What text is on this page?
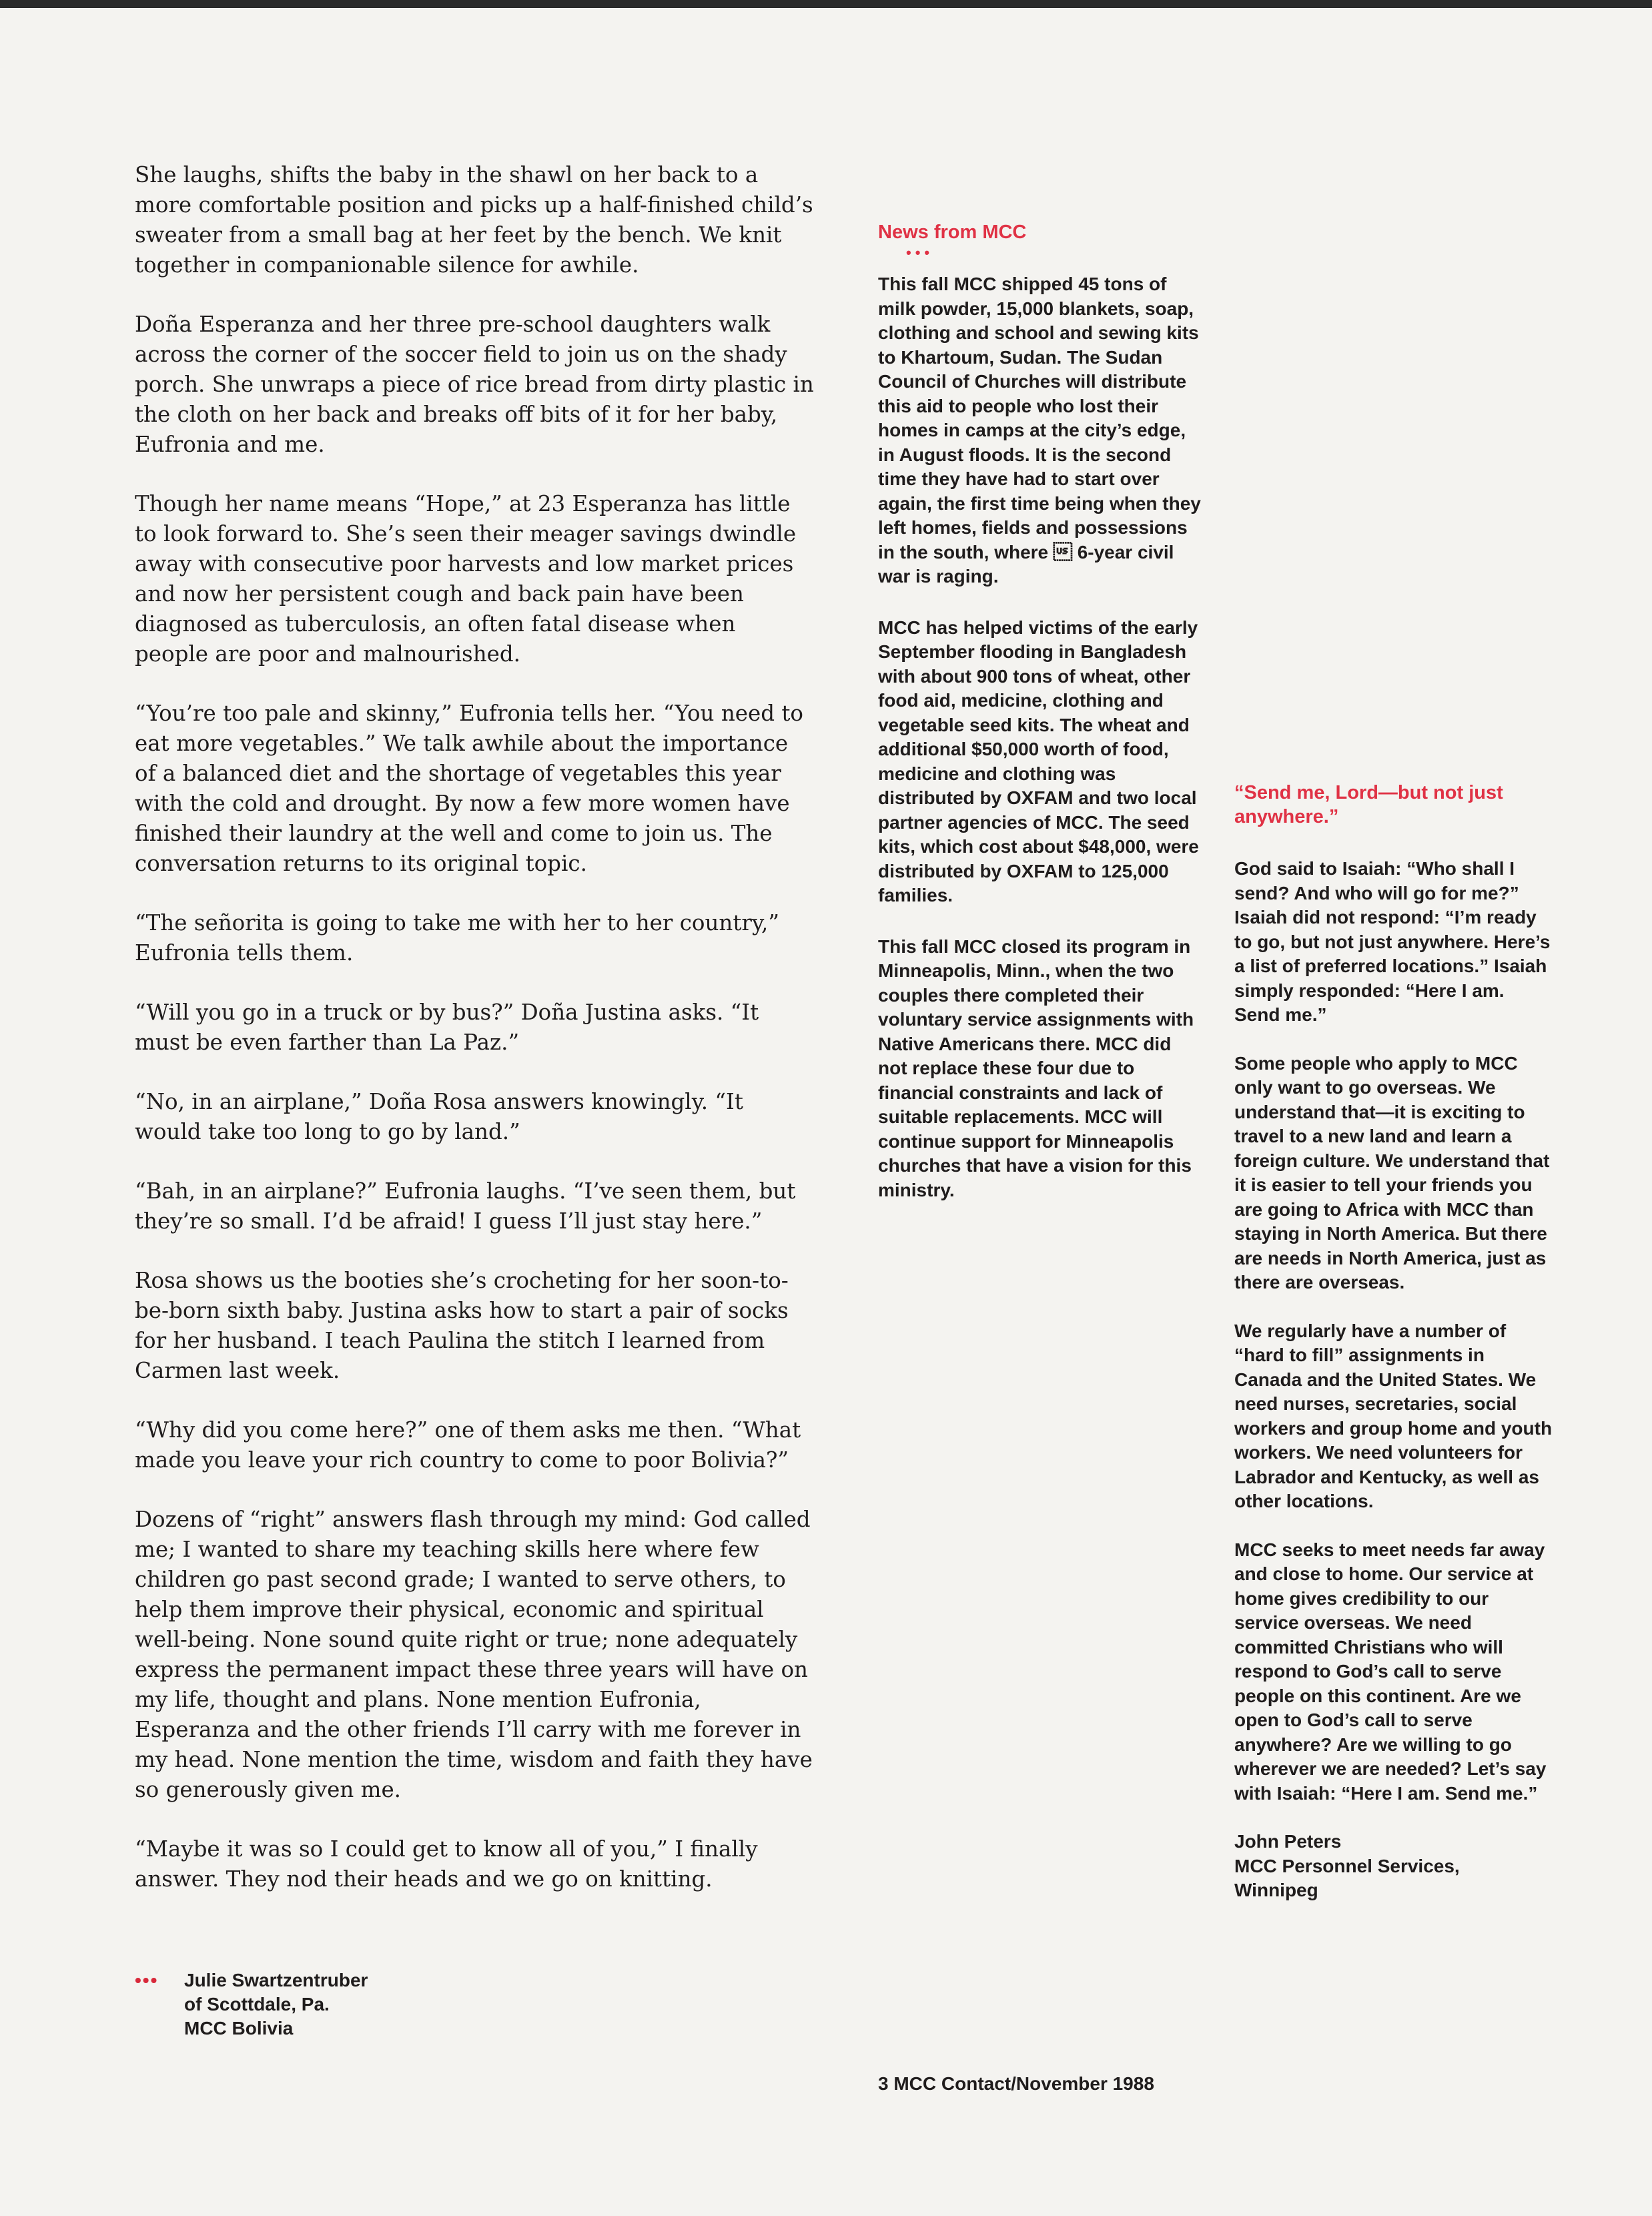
She laughs, shifts the baby in the shawl on her back to a more comfortable position and picks up a half-finished child’s sweater from a small bag at her feet by the bench. We knit together in companionable silence for awhile.

Doña Esperanza and her three pre-school daughters walk across the corner of the soccer field to join us on the shady porch. She unwraps a piece of rice bread from dirty plastic in the cloth on her back and breaks off bits of it for her baby, Eufronia and me.

Though her name means “Hope,” at 23 Esperanza has little to look forward to. She’s seen their meager savings dwindle away with consecutive poor harvests and low market prices and now her persistent cough and back pain have been diagnosed as tuberculosis, an often fatal disease when people are poor and malnourished.

“You’re too pale and skinny,” Eufronia tells her. “You need to eat more vegetables.” We talk awhile about the importance of a balanced diet and the shortage of vegetables this year with the cold and drought. By now a few more women have finished their laundry at the well and come to join us. The conversation returns to its original topic.

“The señorita is going to take me with her to her country,” Eufronia tells them.

“Will you go in a truck or by bus?” Doña Justina asks. “It must be even farther than La Paz.”

“No, in an airplane,” Doña Rosa answers knowingly. “It would take too long to go by land.”

“Bah, in an airplane?” Eufronia laughs. “I’ve seen them, but they’re so small. I’d be afraid! I guess I’ll just stay here.”

Rosa shows us the booties she’s crocheting for her soon-to-be-born sixth baby. Justina asks how to start a pair of socks for her husband. I teach Paulina the stitch I learned from Carmen last week.

“Why did you come here?” one of them asks me then. “What made you leave your rich country to come to poor Bolivia?”

Dozens of “right” answers flash through my mind: God called me; I wanted to share my teaching skills here where few children go past second grade; I wanted to serve others, to help them improve their physical, economic and spiritual well-being. None sound quite right or true; none adequately express the permanent impact these three years will have on my life, thought and plans. None mention Eufronia, Esperanza and the other friends I’ll carry with me forever in my head. None mention the time, wisdom and faith they have so generously given me.

“Maybe it was so I could get to know all of you,” I finally answer. They nod their heads and we go on knitting.

••• Julie Swartzentruber
of Scottdale, Pa.
MCC Bolivia
News from MCC
•••

This fall MCC shipped 45 tons of milk powder, 15,000 blankets, soap, clothing and school and sewing kits to Khartoum, Sudan. The Sudan Council of Churches will distribute this aid to people who lost their homes in camps at the city’s edge, in August floods. It is the second time they have had to start over again, the first time being when they left homes, fields and possessions in the south, where  6-year civil war is raging.

MCC has helped victims of the early September flooding in Bangladesh with about 900 tons of wheat, other food aid, medicine, clothing and vegetable seed kits. The wheat and additional $50,000 worth of food, medicine and clothing was distributed by OXFAM and two local partner agencies of MCC. The seed kits, which cost about $48,000, were distributed by OXFAM to 125,000 families.

This fall MCC closed its program in Minneapolis, Minn., when the two couples there completed their voluntary service assignments with Native Americans there. MCC did not replace these four due to financial constraints and lack of suitable replacements. MCC will continue support for Minneapolis churches that have a vision for this ministry.

“Send me, Lord—but not just anywhere.”

God said to Isaiah: “Who shall I send? And who will go for me?” Isaiah did not respond: “I’m ready to go, but not just anywhere. Here’s a list of preferred locations.” Isaiah simply responded: “Here I am. Send me.”

Some people who apply to MCC only want to go overseas. We understand that—it is exciting to travel to a new land and learn a foreign culture. We understand that it is easier to tell your friends you are going to Africa with MCC than staying in North America. But there are needs in North America, just as there are overseas.

We regularly have a number of “hard to fill” assignments in Canada and the United States. We need nurses, secretaries, social workers and group home and youth workers. We need volunteers for Labrador and Kentucky, as well as other locations.

MCC seeks to meet needs far away and close to home. Our service at home gives credibility to our service overseas. We need committed Christians who will respond to God’s call to serve people on this continent. Are we open to God’s call to serve anywhere? Are we willing to go wherever we are needed? Let’s say with Isaiah: “Here I am. Send me.”

John Peters
MCC Personnel Services,
Winnipeg
3 MCC Contact/November 1988
